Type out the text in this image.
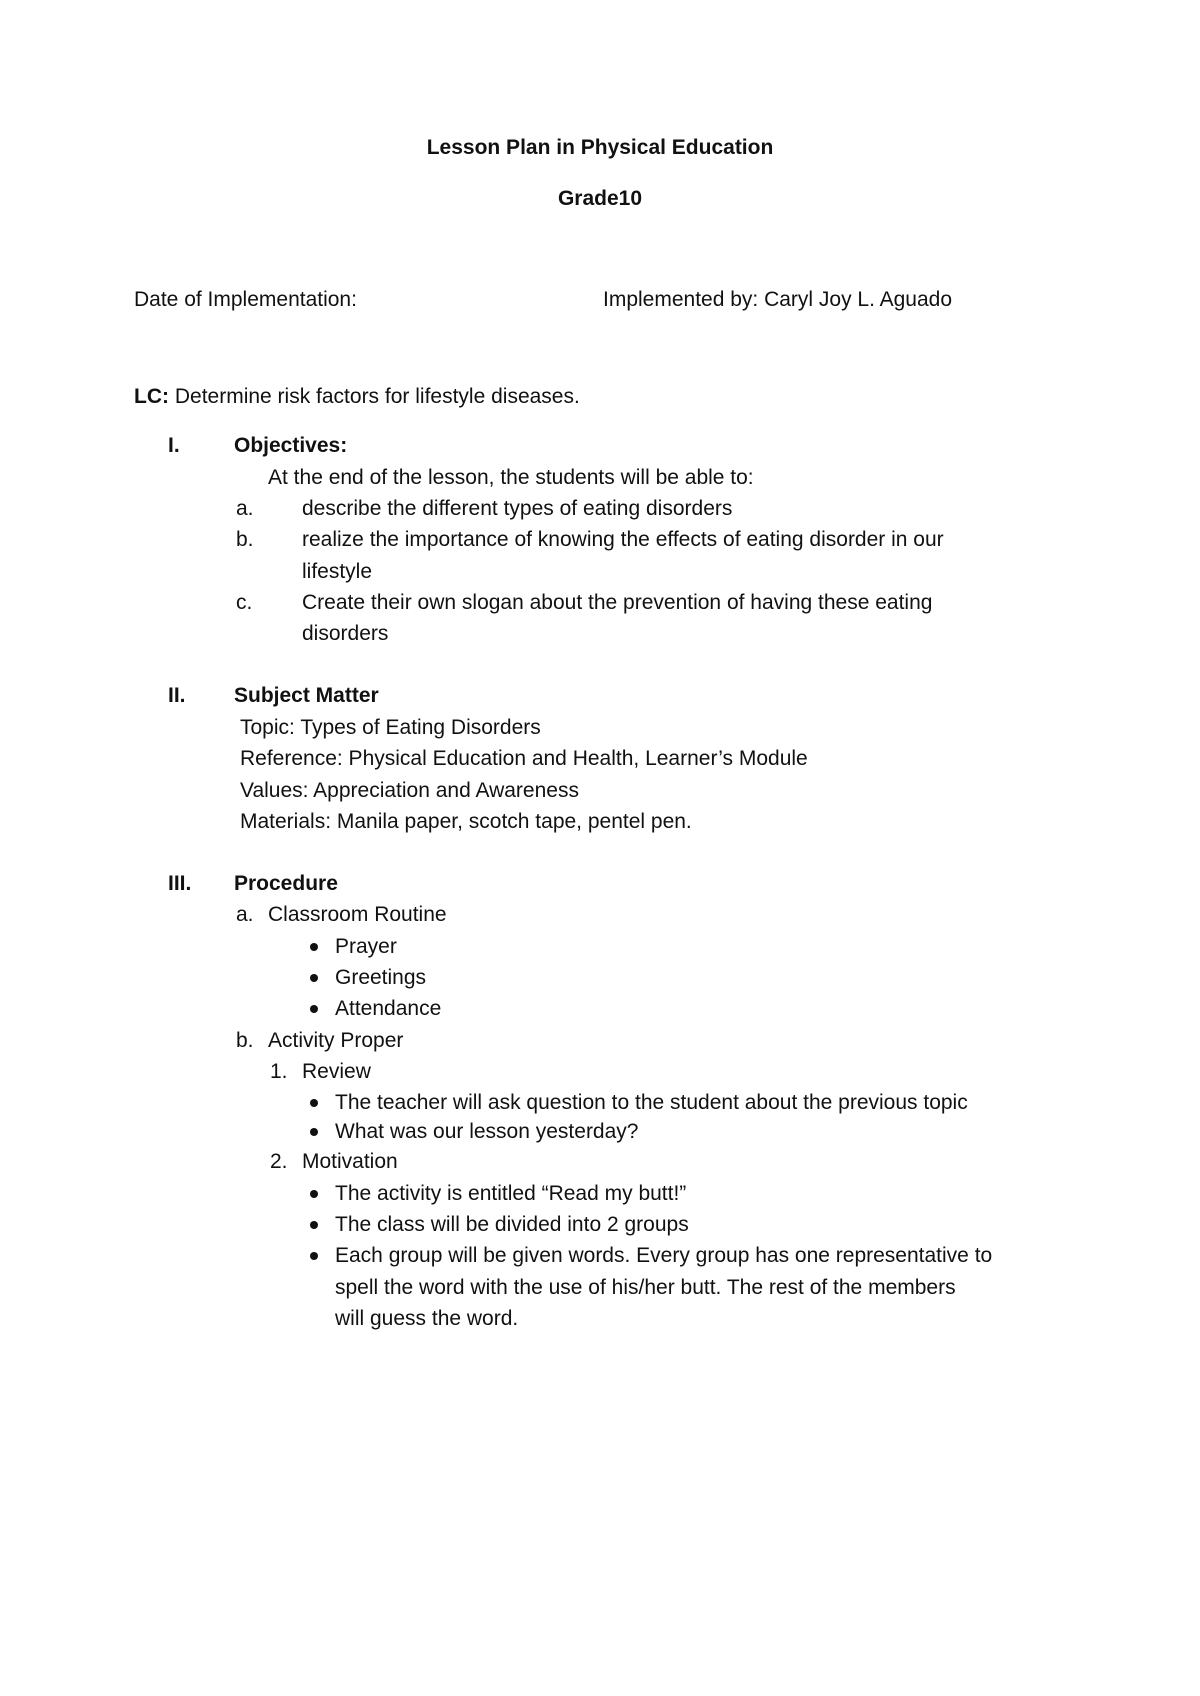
Lesson Plan in Physical Education
Grade10
Date of Implementation:	Implemented by: Caryl Joy L. Aguado
LC: Determine risk factors for lifestyle diseases.
I.	Objectives:
At the end of the lesson, the students will be able to:
a. describe the different types of eating disorders
b. realize the importance of knowing the effects of eating disorder in our
lifestyle
c. Create their own slogan about the prevention of having these eating
disorders
II. Subject Matter
Topic: Types of Eating Disorders
Reference: Physical Education and Health, Learner’s Module
Values: Appreciation and Awareness
Materials: Manila paper, scotch tape, pentel pen.
III. Procedure
a. Classroom Routine
Prayer
Greetings
Attendance
b. Activity Proper
1. Review
The teacher will ask question to the student about the previous topic
What was our lesson yesterday?
2. Motivation
The activity is entitled “Read my butt!”
The class will be divided into 2 groups
Each group will be given words. Every group has one representative to
spell the word with the use of his/her butt. The rest of the members
will guess the word.
